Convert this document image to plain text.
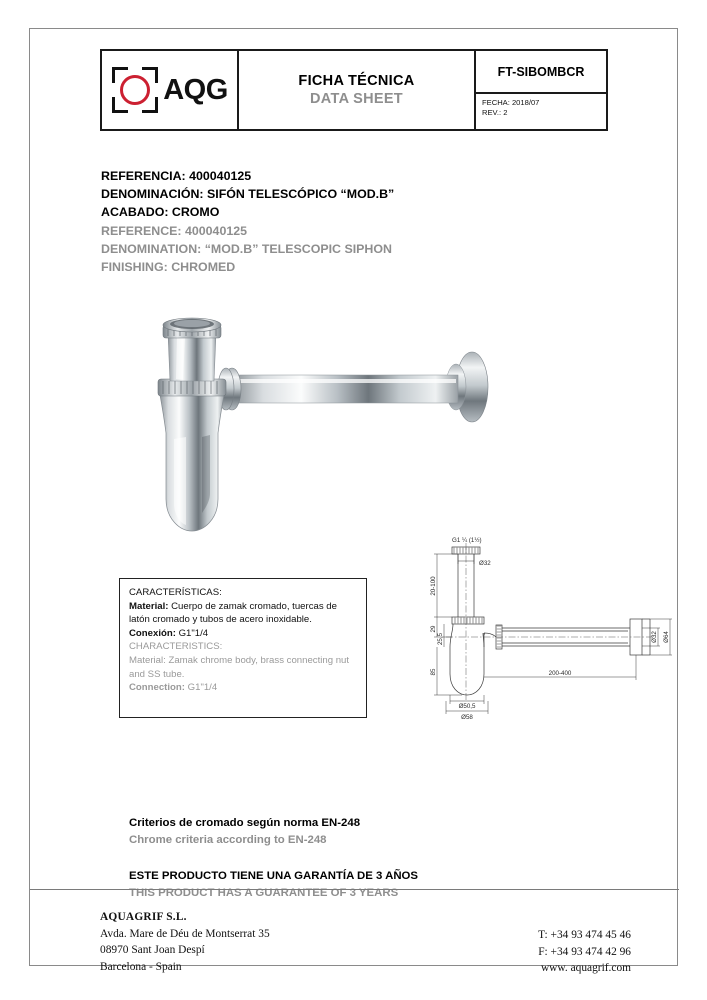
AQG	FICHA TÉCNICA
DATA SHEET
FT-SIBOMBCR
FECHA: 2018/07
REV.: 2
REFERENCIA: 400040125
DENOMINACIÓN: SIFÓN TELESCÓPICO “MOD.B”
ACABADO: CROMO
REFERENCE: 400040125
DENOMINATION: “MOD.B” TELESCOPIC SIPHON
FINISHING: CHROMED
CARACTERÍSTICAS:
Material: Cuerpo de zamak cromado, tuercas de latón cromado y tubos de acero inoxidable.
Conexión: G1"1/4
CHARACTERISTICS:
Material: Zamak chrome body, brass connecting nut and SS tube.
Connection: G1"1/4
G1 ¼ (1½)
Ø32
20-100
29
25,5
85
Ø50,5
Ø58
200-400
Ø32 Ø64
Criterios de cromado según norma EN-248
Chrome criteria according to EN-248
ESTE PRODUCTO TIENE UNA GARANTÍA DE 3 AÑOS
THIS PRODUCT HAS A GUARANTEE OF 3 YEARS
AQUAGRIF S.L.
Avda. Mare de Déu de Montserrat 35
08970 Sant Joan Despí
Barcelona - Spain
T: +34 93 474 45 46
F: +34 93 474 42 96
www. aquagrif.com
